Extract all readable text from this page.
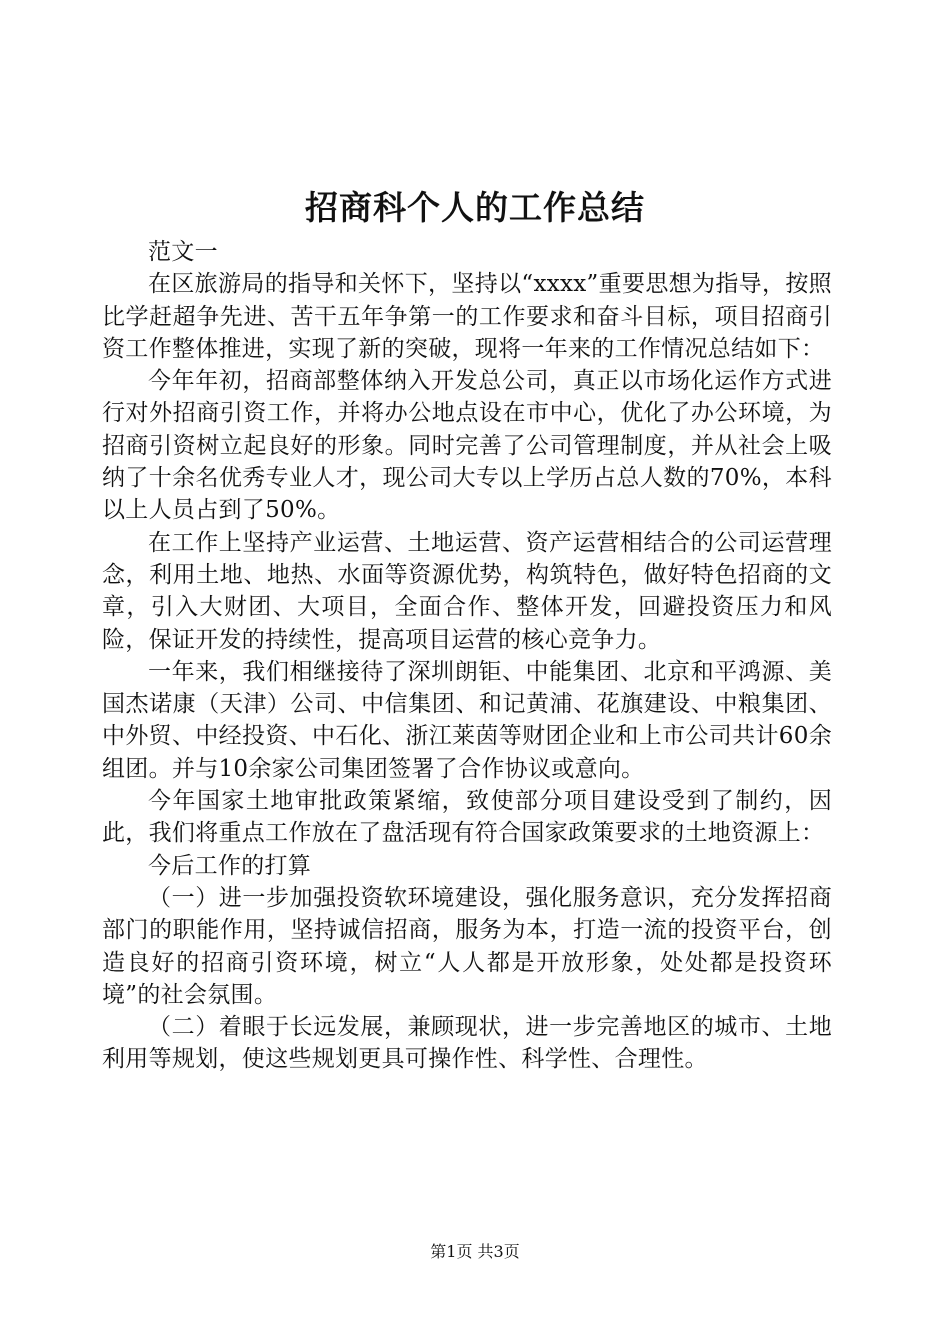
招商科个人的工作总结

范文一

在区旅游局的指导和关怀下，坚持以“xxxx”重要思想为指导，按照比学赶超争先进、苦干五年争第一的工作要求和奋斗目标，项目招商引资工作整体推进，实现了新的突破，现将一年来的工作情况总结如下：

今年年初，招商部整体纳入开发总公司，真正以市场化运作方式进行对外招商引资工作，并将办公地点设在市中心，优化了办公环境，为招商引资树立起良好的形象。同时完善了公司管理制度，并从社会上吸纳了十余名优秀专业人才，现公司大专以上学历占总人数的70%，本科以上人员占到了50%。

在工作上坚持产业运营、土地运营、资产运营相结合的公司运营理念，利用土地、地热、水面等资源优势，构筑特色，做好特色招商的文章，引入大财团、大项目，全面合作、整体开发，回避投资压力和风险，保证开发的持续性，提高项目运营的核心竞争力。

一年来，我们相继接待了深圳朗钜、中能集团、北京和平鸿源、美国杰诺康（天津）公司、中信集团、和记黄浦、花旗建设、中粮集团、中外贸、中经投资、中石化、浙江莱茵等财团企业和上市公司共计60余组团。并与10余家公司集团签署了合作协议或意向。

今年国家土地审批政策紧缩，致使部分项目建设受到了制约，因此，我们将重点工作放在了盘活现有符合国家政策要求的土地资源上：

今后工作的打算

（一）进一步加强投资软环境建设，强化服务意识，充分发挥招商部门的职能作用，坚持诚信招商，服务为本，打造一流的投资平台，创造良好的招商引资环境，树立“人人都是开放形象，处处都是投资环境”的社会氛围。

（二）着眼于长远发展，兼顾现状，进一步完善地区的城市、土地利用等规划，使这些规划更具可操作性、科学性、合理性。

第1页 共3页
